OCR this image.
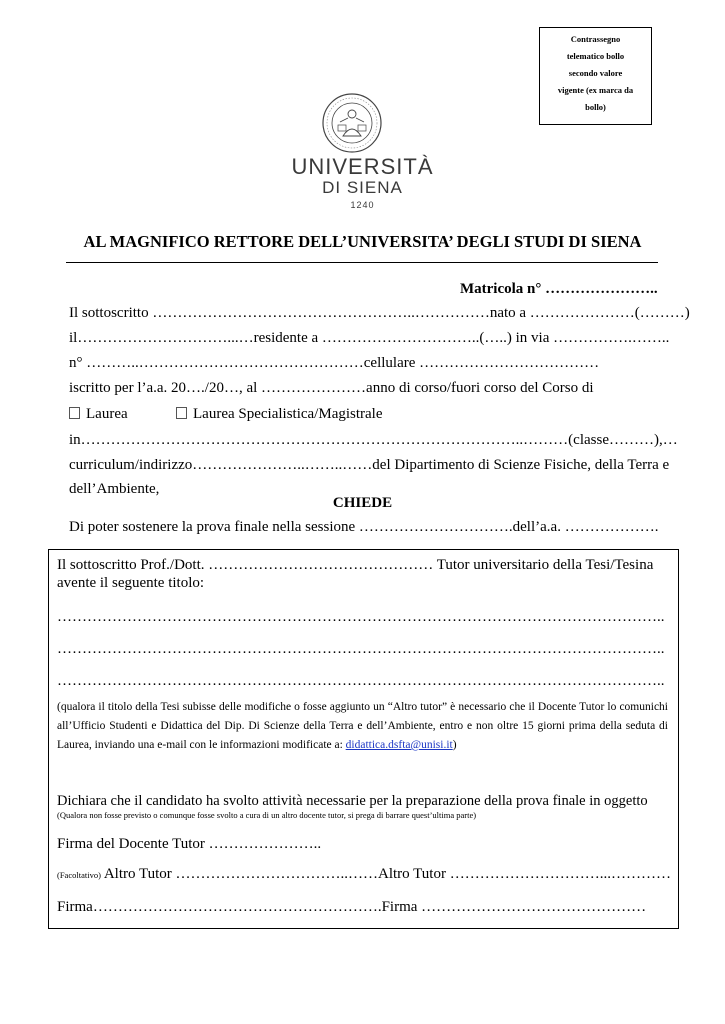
Contrassegno
telematico bollo
secondo valore
vigente (ex marca da
bollo)
UNIVERSITÀ
DI SIENA
1240
AL MAGNIFICO RETTORE DELL’UNIVERSITA’ DEGLI STUDI DI SIENA
Matricola n° …………………..
Il sottoscritto ……………………………………………..……………nato a …………………(………)
il…………………………...…residente a …………………………..(…..) in via …………….……..
n° ………..………………………………………cellulare ………………………………
iscritto per l’a.a. 20…./20…, al …………………anno di corso/fuori corso del Corso di
Laurea	Laurea Specialistica/Magistrale
in……………………………………………………………………………..………(classe………),…
curriculum/indirizzo…………………..……..……del Dipartimento di Scienze Fisiche, della Terra e
dell’Ambiente,
CHIEDE
Di poter sostenere la prova finale nella sessione ………………………….dell’a.a. ……………….
Il sottoscritto Prof./Dott. ……………………………………… Tutor universitario della Tesi/Tesina
avente il seguente titolo:
…………………………………………………………………………………………………………..
…………………………………………………………………………………………………………..
…………………………………………………………………………………………………………..
(qualora il titolo della Tesi subisse delle modifiche o fosse aggiunto un “Altro tutor” è necessario che il Docente Tutor lo comunichi all’Ufficio Studenti e Didattica del Dip. Di Scienze della Terra e dell’Ambiente, entro e non oltre 15 giorni prima della seduta di Laurea, inviando una e-mail con le informazioni modificate a: didattica.dsfta@unisi.it)
Dichiara che il candidato ha svolto attività necessarie per la preparazione della prova finale in oggetto
(Qualora non fosse previsto o comunque fosse svolto a cura di un altro docente tutor, si prega di barrare quest’ultima parte)
Firma del Docente Tutor …………………..
(Facoltativo) Altro Tutor ……………………………..……Altro Tutor …………………………...…………
Firma………………………………………………….Firma ………………………………………
